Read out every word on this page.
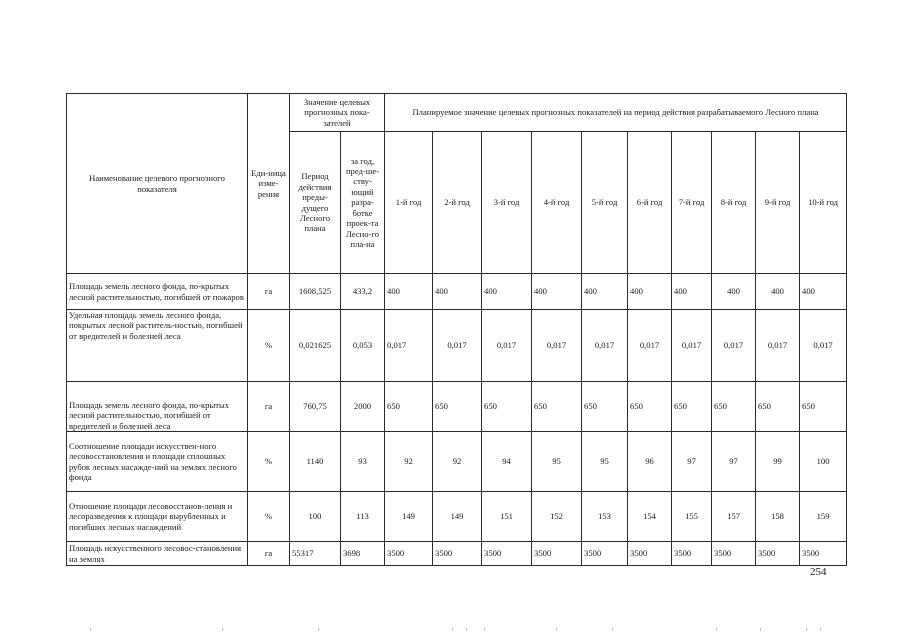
Наименование целевого прогнозного показателя	Еди-ница изме-рения	Значение целевых прогнозных пока-зателей		Планируемое значение целевых прогнозных показателей на период действия разрабатываемого Лесного плана									
		Период действия преды-дущего Лесного плана	за год, пред-ше-ству-ющий разра-ботке проек-та Лесно-го пла-на	1-й год	2-й год	3-й год	4-й год	5-й год	6-й год	7-й год	8-й год	9-й год	10-й год
Площадь земель лесного фонда, по-крытых лесной растительностью, погибшей от пожаров	га	1608,525	433,2	400	400	400	400	400	400	400	400	400	400
Удельная площадь земель лесного фонда, покрытых лесной раститель-ностью, погибшей от вредителей и болезней леса	%	0,021625	0,053	0,017	0,017	0,017	0,017	0,017	0,017	0,017	0,017	0,017	0,017
Площадь земель лесного фонда, по-крытых лесной растительностью, погибшей от вредителей и болезней леса	га	760,75	2000	650	650	650	650	650	650	650	650	650	650
Соотношение площади искусствен-ного лесовосстановления и площади сплошных рубок лесных насажде-ний на землях лесного фонда	%	1140	93	92	92	94	95	95	96	97	97	99	100
Отношение площади лесовосстанов-ления и лесоразведения к площади вырубленных и погибших лесных насаждений	%	100	113	149	149	151	152	153	154	155	157	158	159
Площадь искусственного лесовос-становления на землях	га	55317	3698	3500	3500	3500	3500	3500	3500	3500	3500	3500	3500
254
